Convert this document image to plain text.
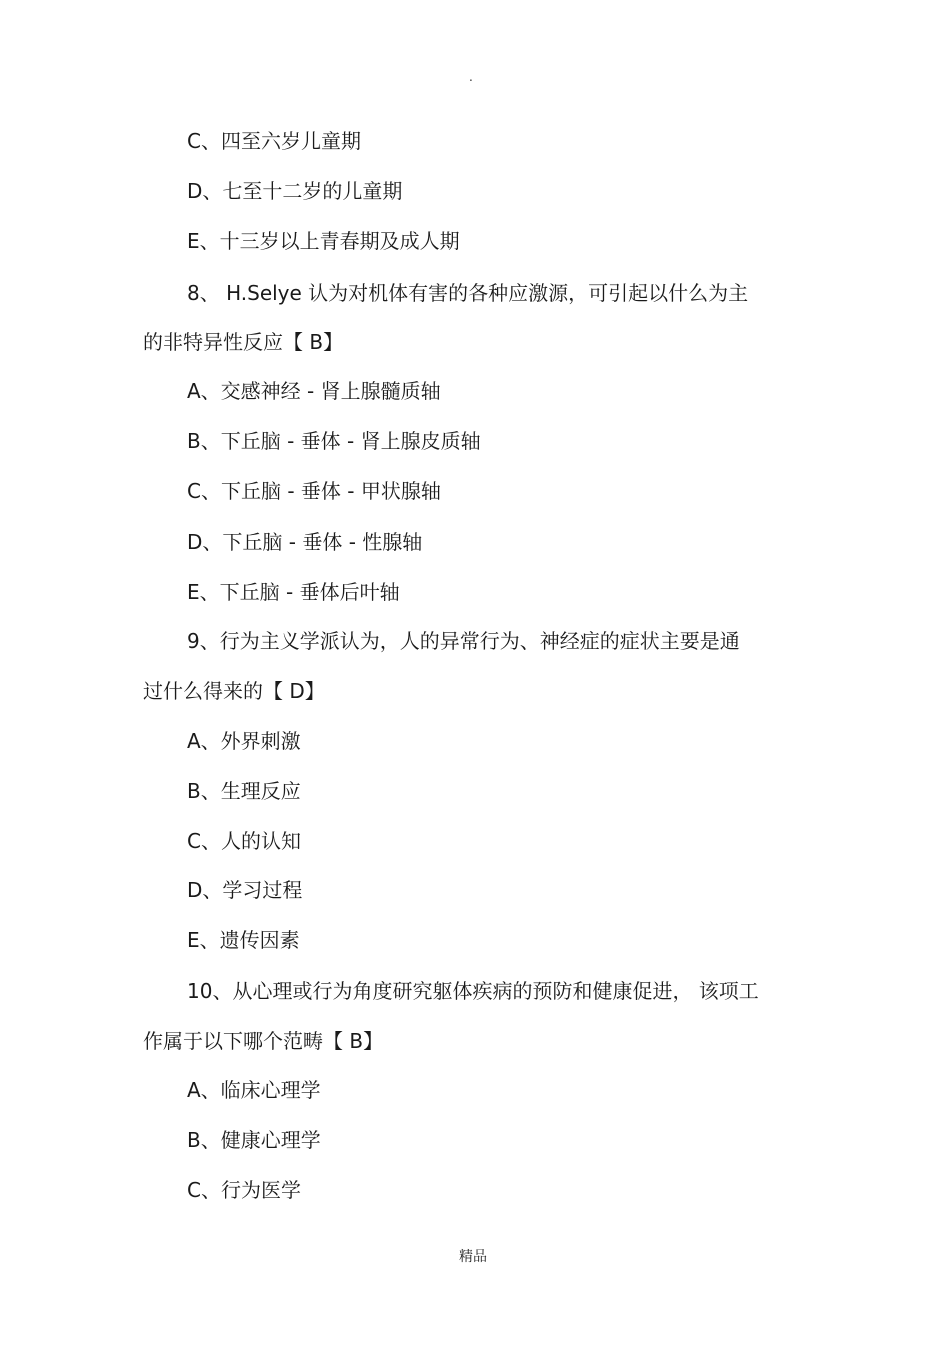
.
C、四至六岁儿童期
D、七至十二岁的儿童期
E、十三岁以上青春期及成人期
8、 H.Selye 认为对机体有害的各种应激源，可引起以什么为主
的非特异性反应【 B】
A、交感神经 - 肾上腺髓质轴
B、下丘脑 - 垂体 - 肾上腺皮质轴
C、下丘脑 - 垂体 - 甲状腺轴
D、下丘脑 - 垂体 - 性腺轴
E、下丘脑 - 垂体后叶轴
9、行为主义学派认为，人的异常行为、神经症的症状主要是通
过什么得来的【 D】
A、外界刺激
B、生理反应
C、人的认知
D、学习过程
E、遗传因素
10、从心理或行为角度研究躯体疾病的预防和健康促进， 该项工
作属于以下哪个范畴【 B】
A、临床心理学
B、健康心理学
C、行为医学
精品
